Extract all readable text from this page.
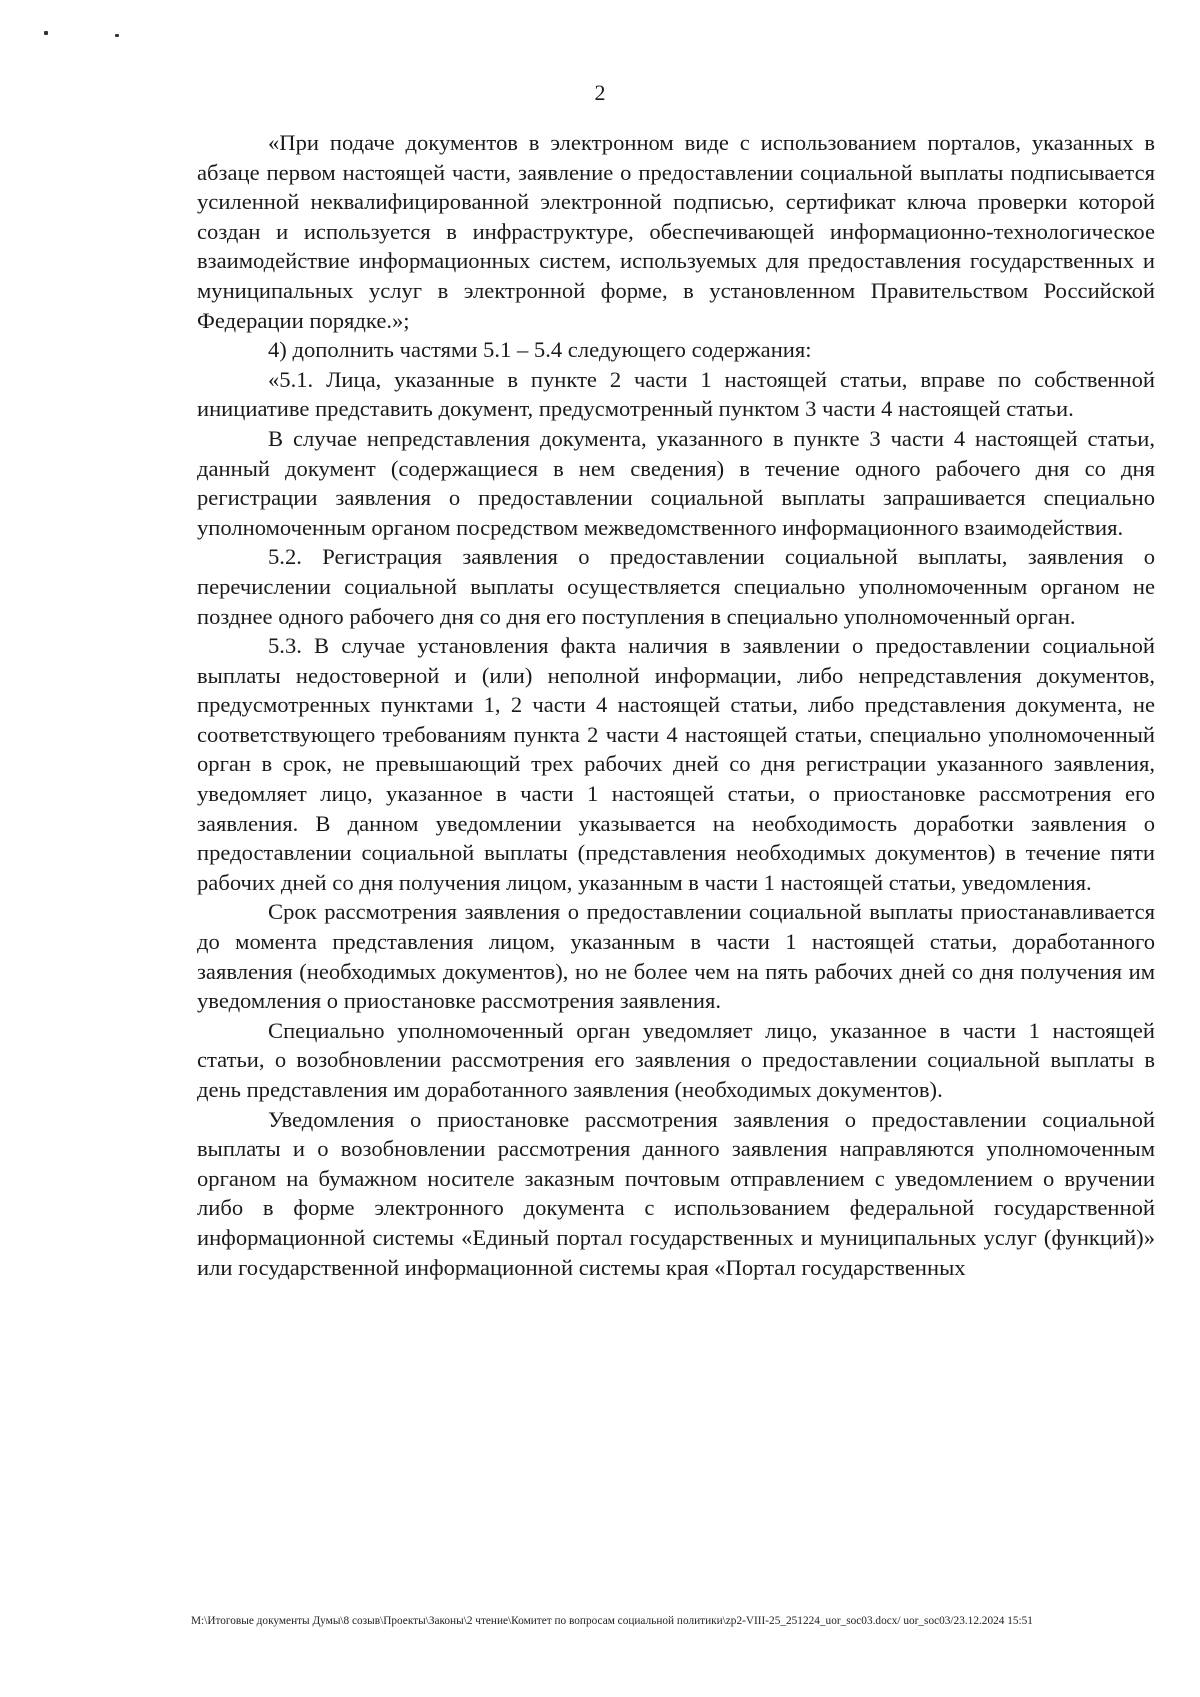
2

«При подаче документов в электронном виде с использованием порталов, указанных в абзаце первом настоящей части, заявление о предоставлении социальной выплаты подписывается усиленной неквалифицированной электронной подписью, сертификат ключа проверки которой создан и используется в инфраструктуре, обеспечивающей информационно-технологическое взаимодействие информационных систем, используемых для предоставления государственных и муниципальных услуг в электронной форме, в установленном Правительством Российской Федерации порядке.»;

4) дополнить частями 5.1 – 5.4 следующего содержания:

«5.1. Лица, указанные в пункте 2 части 1 настоящей статьи, вправе по собственной инициативе представить документ, предусмотренный пунктом 3 части 4 настоящей статьи.

В случае непредставления документа, указанного в пункте 3 части 4 настоящей статьи, данный документ (содержащиеся в нем сведения) в течение одного рабочего дня со дня регистрации заявления о предоставлении социальной выплаты запрашивается специально уполномоченным органом посредством межведомственного информационного взаимодействия.

5.2. Регистрация заявления о предоставлении социальной выплаты, заявления о перечислении социальной выплаты осуществляется специально уполномоченным органом не позднее одного рабочего дня со дня его поступления в специально уполномоченный орган.

5.3. В случае установления факта наличия в заявлении о предоставлении социальной выплаты недостоверной и (или) неполной информации, либо непредставления документов, предусмотренных пунктами 1, 2 части 4 настоящей статьи, либо представления документа, не соответствующего требованиям пункта 2 части 4 настоящей статьи, специально уполномоченный орган в срок, не превышающий трех рабочих дней со дня регистрации указанного заявления, уведомляет лицо, указанное в части 1 настоящей статьи, о приостановке рассмотрения его заявления. В данном уведомлении указывается на необходимость доработки заявления о предоставлении социальной выплаты (представления необходимых документов) в течение пяти рабочих дней со дня получения лицом, указанным в части 1 настоящей статьи, уведомления.

Срок рассмотрения заявления о предоставлении социальной выплаты приостанавливается до момента представления лицом, указанным в части 1 настоящей статьи, доработанного заявления (необходимых документов), но не более чем на пять рабочих дней со дня получения им уведомления о приостановке рассмотрения заявления.

Специально уполномоченный орган уведомляет лицо, указанное в части 1 настоящей статьи, о возобновлении рассмотрения его заявления о предоставлении социальной выплаты в день представления им доработанного заявления (необходимых документов).

Уведомления о приостановке рассмотрения заявления о предоставлении социальной выплаты и о возобновлении рассмотрения данного заявления направляются уполномоченным органом на бумажном носителе заказным почтовым отправлением с уведомлением о вручении либо в форме электронного документа с использованием федеральной государственной информационной системы «Единый портал государственных и муниципальных услуг (функций)» или государственной информационной системы края «Портал государственных

M:\Итоговые документы Думы\8 созыв\Проекты\Законы\2 чтение\Комитет по вопросам социальной политики\zp2-VIII-25_251224_uor_soc03.docx/ uor_soc03/23.12.2024 15:51
